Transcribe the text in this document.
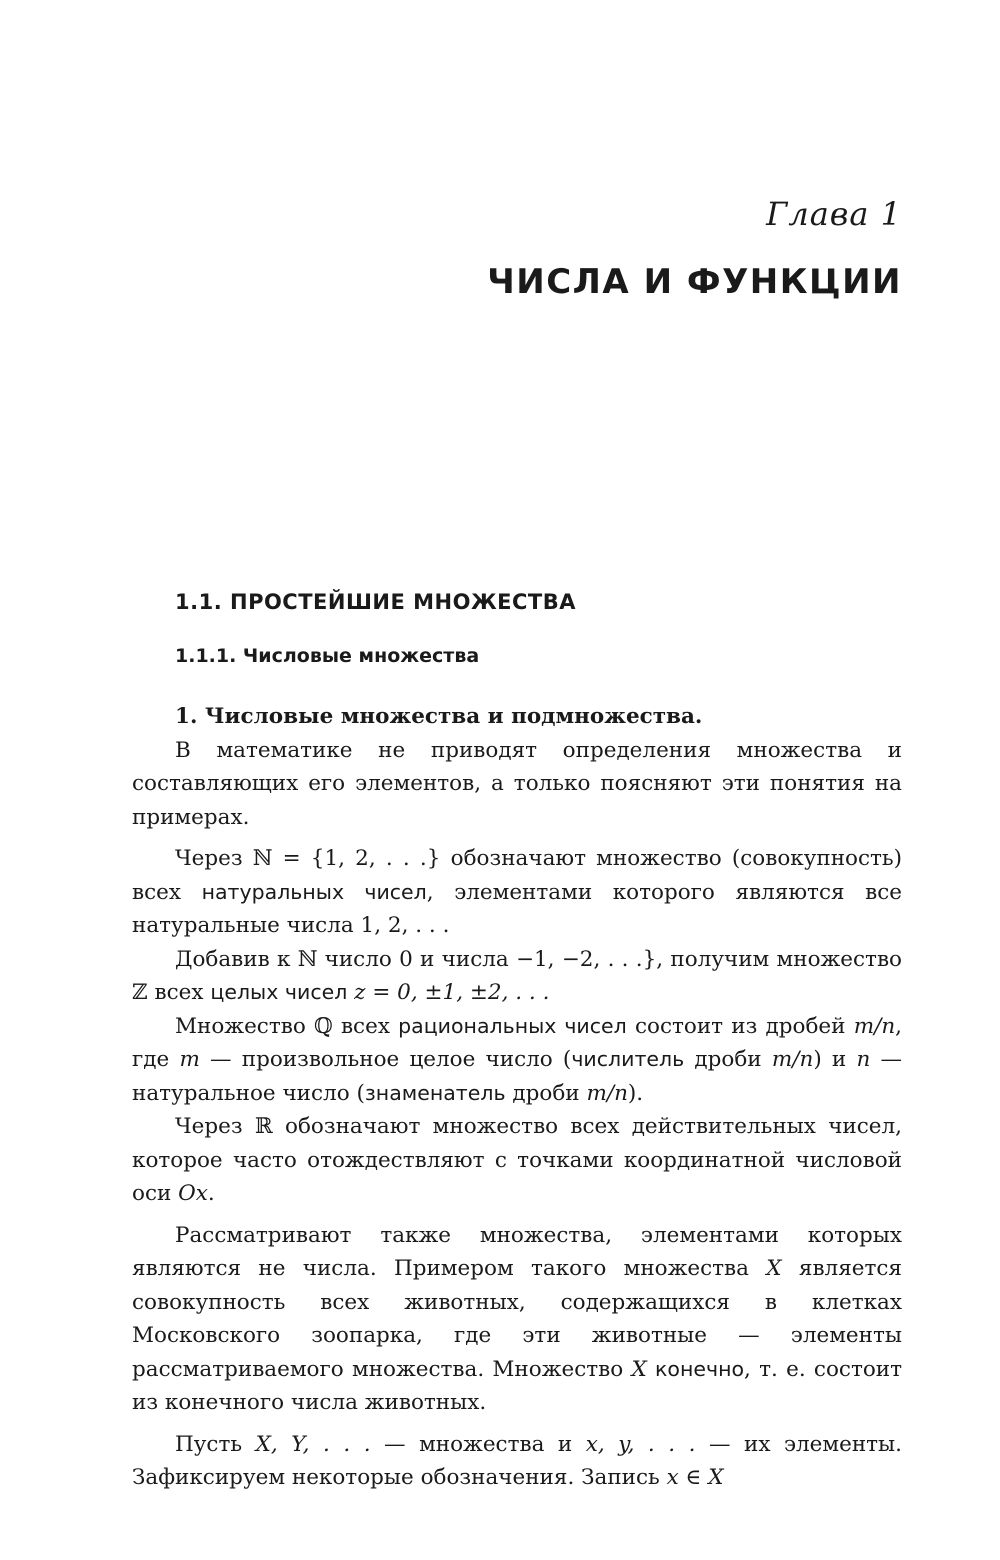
Глава 1
ЧИСЛА И ФУНКЦИИ
1.1. ПРОСТЕЙШИЕ МНОЖЕСТВА
1.1.1. Числовые множества

1. Числовые множества и подмножества.

В математике не приводят определения множества и составляющих его элементов, а только поясняют эти понятия на примерах.

Через ℕ = {1, 2, . . .} обозначают множество (совокупность) всех натуральных чисел, элементами которого являются все натуральные числа 1, 2, . . .

Добавив к ℕ число 0 и числа −1, −2, . . .}, получим множество ℤ всех целых чисел z = 0, ±1, ±2, . . .

Множество ℚ всех рациональных чисел состоит из дробей m/n, где m — произвольное целое число (числитель дроби m/n) и n — натуральное число (знаменатель дроби m/n).

Через ℝ обозначают множество всех действительных чисел, которое часто отождествляют с точками координатной числовой оси Ox.

Рассматривают также множества, элементами которых являются не числа. Примером такого множества X является совокупность всех животных, содержащихся в клетках Московского зоопарка, где эти животные — элементы рассматриваемого множества. Множество X конечно, т. е. состоит из конечного числа животных.

Пусть X, Y, . . . — множества и x, y, . . . — их элементы. Зафиксируем некоторые обозначения. Запись x ∈ X
